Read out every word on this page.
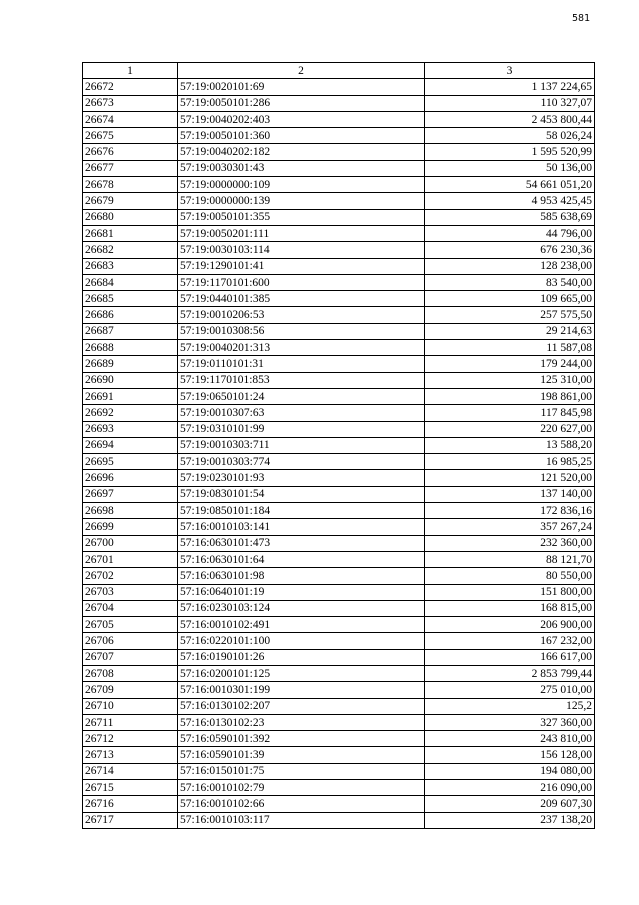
581
1	2	3
26672	57:19:0020101:69	1 137 224,65
26673	57:19:0050101:286	110 327,07
26674	57:19:0040202:403	2 453 800,44
26675	57:19:0050101:360	58 026,24
26676	57:19:0040202:182	1 595 520,99
26677	57:19:0030301:43	50 136,00
26678	57:19:0000000:109	54 661 051,20
26679	57:19:0000000:139	4 953 425,45
26680	57:19:0050101:355	585 638,69
26681	57:19:0050201:111	44 796,00
26682	57:19:0030103:114	676 230,36
26683	57:19:1290101:41	128 238,00
26684	57:19:1170101:600	83 540,00
26685	57:19:0440101:385	109 665,00
26686	57:19:0010206:53	257 575,50
26687	57:19:0010308:56	29 214,63
26688	57:19:0040201:313	11 587,08
26689	57:19:0110101:31	179 244,00
26690	57:19:1170101:853	125 310,00
26691	57:19:0650101:24	198 861,00
26692	57:19:0010307:63	117 845,98
26693	57:19:0310101:99	220 627,00
26694	57:19:0010303:711	13 588,20
26695	57:19:0010303:774	16 985,25
26696	57:19:0230101:93	121 520,00
26697	57:19:0830101:54	137 140,00
26698	57:19:0850101:184	172 836,16
26699	57:16:0010103:141	357 267,24
26700	57:16:0630101:473	232 360,00
26701	57:16:0630101:64	88 121,70
26702	57:16:0630101:98	80 550,00
26703	57:16:0640101:19	151 800,00
26704	57:16:0230103:124	168 815,00
26705	57:16:0010102:491	206 900,00
26706	57:16:0220101:100	167 232,00
26707	57:16:0190101:26	166 617,00
26708	57:16:0200101:125	2 853 799,44
26709	57:16:0010301:199	275 010,00
26710	57:16:0130102:207	125,2
26711	57:16:0130102:23	327 360,00
26712	57:16:0590101:392	243 810,00
26713	57:16:0590101:39	156 128,00
26714	57:16:0150101:75	194 080,00
26715	57:16:0010102:79	216 090,00
26716	57:16:0010102:66	209 607,30
26717	57:16:0010103:117	237 138,20
